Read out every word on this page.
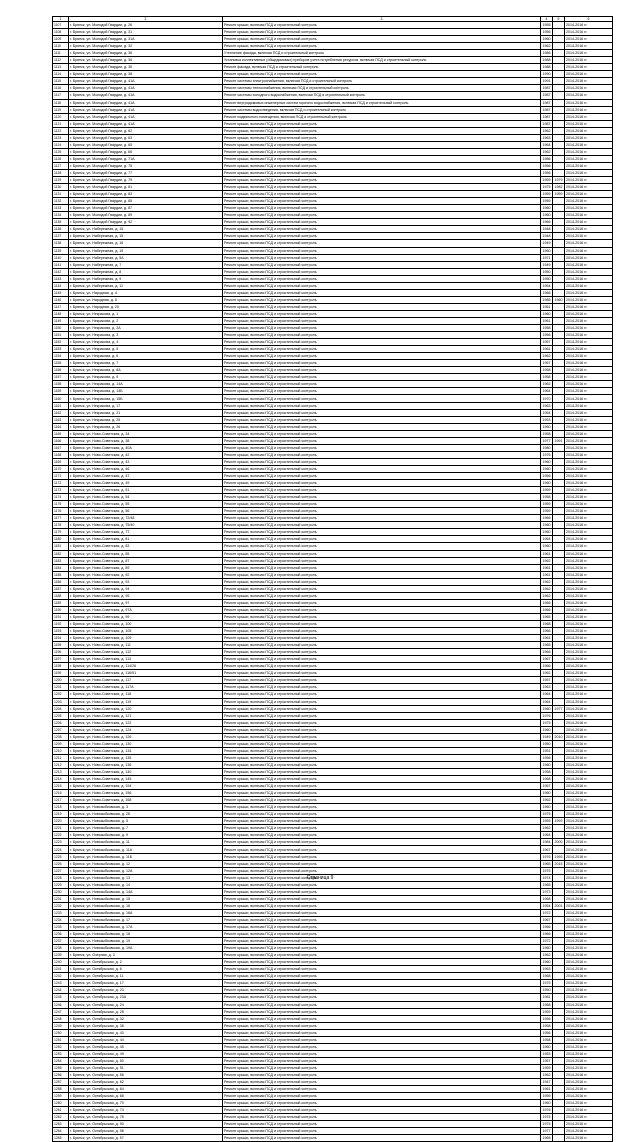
1	2	3	4	5	6
1107	г. Брянск, ул. Молодой Гвардии, д. 26	Ремонт крыши, включая ПСД и строительный контроль	1955		2014-2016 гг.
1108	г. Брянск, ул. Молодой Гвардии, д. 31	Ремонт крыши, включая ПСД и строительный контроль	1956		2014-2016 гг.
1109	г. Брянск, ул. Молодой Гвардии, д. 31А	Ремонт крыши, включая ПСД и строительный контроль	1960		2014-2016 гг.
1110	г. Брянск, ул. Молодой Гвардии, д. 32	Ремонт крыши, включая ПСД и строительный контроль	1962		2014-2016 гг.
1111	г. Брянск, ул. Молодой Гвардии, д. 36	Утепление фасада, включая ПСД и строительный контроль	1986		2014-2016 гг.
1112	г. Брянск, ул. Молодой Гвардии, д. 36	Установка коллективных (общедомовых) приборов учета потребления ресурсов, включая ПСД и строительный контроль	1988		2014-2016 гг.
1113	г. Брянск, ул. Молодой Гвардии, д. 36	Ремонт фасада, включая ПСД и строительный контроль	1988		2014-2016 гг.
1114	г. Брянск, ул. Молодой Гвардии, д. 38	Ремонт крыши, включая ПСД и строительный контроль	1990		2014-2016 гг.
1115	г. Брянск, ул. Молодой Гвардии, д. 41А	Ремонт системы электроснабжения, включая ПСД и строительный контроль	1991		2014-2016 гг.
1116	г. Брянск, ул. Молодой Гвардии, д. 41А	Ремонт системы теплоснабжения, включая ПСД и строительный контроль	1987		2014-2016 гг.
1117	г. Брянск, ул. Молодой Гвардии, д. 41А	Ремонт системы холодного водоснабжения, включая ПСД и строительный контроль	1987		2014-2016 гг.
1118	г. Брянск, ул. Молодой Гвардии, д. 41А	Ремонт внутридомовых инженерных систем горячего водоснабжения, включая ПСД и строительный контроль	1987		2014-2016 гг.
1119	г. Брянск, ул. Молодой Гвардии, д. 41А	Ремонт системы водоотведения, включая ПСД и строительный контроль	1987		2014-2016 гг.
1120	г. Брянск, ул. Молодой Гвардии, д. 41А	Ремонт подвального помещения, включая ПСД и строительный контроль	1987		2014-2016 гг.
1121	г. Брянск, ул. Молодой Гвардии, д. 41А	Ремонт крыши, включая ПСД и строительный контроль	1987		2014-2016 гг.
1122	г. Брянск, ул. Молодой Гвардии, д. 62	Ремонт крыши, включая ПСД и строительный контроль	1962		2014-2016 гг.
1123	г. Брянск, ул. Молодой Гвардии, д. 63	Ремонт крыши, включая ПСД и строительный контроль	1963		2014-2016 гг.
1124	г. Брянск, ул. Молодой Гвардии, д. 65	Ремонт крыши, включая ПСД и строительный контроль	1964		2014-2016 гг.
1125	г. Брянск, ул. Молодой Гвардии, д. 66	Ремонт крыши, включая ПСД и строительный контроль	1962		2014-2016 гг.
1126	г. Брянск, ул. Молодой Гвардии, д. 71А	Ремонт крыши, включая ПСД и строительный контроль	1986		2014-2016 гг.
1127	г. Брянск, ул. Молодой Гвардии, д. 75	Ремонт крыши, включая ПСД и строительный контроль	1956		2014-2016 гг.
1128	г. Брянск, ул. Молодой Гвардии, д. 77	Ремонт крыши, включая ПСД и строительный контроль	1956		2014-2016 гг.
1129	г. Брянск, ул. Молодой Гвардии, д. 79	Ремонт крыши, включая ПСД и строительный контроль	1959	1979	2014-2016 гг.
1130	г. Брянск, ул. Молодой Гвардии, д. 81	Ремонт крыши, включая ПСД и строительный контроль	1975	1982	2014-2016 гг.
1131	г. Брянск, ул. Молодой Гвардии, д. 83	Ремонт крыши, включая ПСД и строительный контроль	1959	1959	2014-2016 гг.
1132	г. Брянск, ул. Молодой Гвардии, д. 85	Ремонт крыши, включая ПСД и строительный контроль	1959		2014-2016 гг.
1133	г. Брянск, ул. Молодой Гвардии, д. 87	Ремонт крыши, включая ПСД и строительный контроль	1960		2014-2016 гг.
1134	г. Брянск, ул. Молодой Гвардии, д. 89	Ремонт крыши, включая ПСД и строительный контроль	1960		2014-2016 гг.
1135	г. Брянск, ул. Молодой Гвардии, д. 92	Ремонт крыши, включая ПСД и строительный контроль	1966		2014-2016 гг.
1136	г. Брянск, ул. Набережная, д. 15	Ремонт крыши, включая ПСД и строительный контроль	1948		2014-2016 гг.
1137	г. Брянск, ул. Набережная, д. 15	Ремонт крыши, включая ПСД и строительный контроль	1948		2014-2016 гг.
1138	г. Брянск, ул. Набережная, д. 16	Ремонт крыши, включая ПСД и строительный контроль	1949		2014-2016 гг.
1139	г. Брянск, ул. Набережная, д. 19	Ремонт крыши, включая ПСД и строительный контроль	1950		2014-2016 гг.
1140	г. Брянск, ул. Набережная, д. 5А	Ремонт крыши, включая ПСД и строительный контроль	1971		2014-2016 гг.
1141	г. Брянск, ул. Набережная, д. 7	Ремонт крыши, включая ПСД и строительный контроль	1949		2014-2016 гг.
1142	г. Брянск, ул. Набережная, д. 8	Ремонт крыши, включая ПСД и строительный контроль	1950		2014-2016 гг.
1143	г. Брянск, ул. Набережная, д. 9	Ремонт крыши, включая ПСД и строительный контроль	1950		2014-2016 гг.
1144	г. Брянск, ул. Набережная, д. 11	Ремонт крыши, включая ПСД и строительный контроль	1954		2014-2016 гг.
1145	г. Брянск, ул. Народная, д. 4	Ремонт крыши, включая ПСД и строительный контроль	1966		2014-2016 гг.
1146	г. Брянск, ул. Народная, д. 6	Ремонт крыши, включая ПСД и строительный контроль	1985	1960	2014-2016 гг.
1147	г. Брянск, ул. Народная, д. 20	Ремонт крыши, включая ПСД и строительный контроль	1951		2014-2016 гг.
1148	г. Брянск, ул. Некрасова, д. 1	Ремонт крыши, включая ПСД и строительный контроль	1960		2014-2016 гг.
1149	г. Брянск, ул. Некрасова, д. 2	Ремонт крыши, включая ПСД и строительный контроль	1961		2014-2016 гг.
1150	г. Брянск, ул. Некрасова, д. 2А	Ремонт крыши, включая ПСД и строительный контроль	1958		2014-2016 гг.
1151	г. Брянск, ул. Некрасова, д. 3	Ремонт крыши, включая ПСД и строительный контроль	1956		2014-2016 гг.
1152	г. Брянск, ул. Некрасова, д. 4	Ремонт крыши, включая ПСД и строительный контроль	1957		2014-2016 гг.
1153	г. Брянск, ул. Некрасова, д. 5	Ремонт крыши, включая ПСД и строительный контроль	1961		2014-2016 гг.
1154	г. Брянск, ул. Некрасова, д. 6	Ремонт крыши, включая ПСД и строительный контроль	1962		2014-2016 гг.
1155	г. Брянск, ул. Некрасова, д. 7	Ремонт крыши, включая ПСД и строительный контроль	1957		2014-2016 гг.
1156	г. Брянск, ул. Некрасова, д. 8А	Ремонт крыши, включая ПСД и строительный контроль	1958		2014-2016 гг.
1157	г. Брянск, ул. Некрасова, д. 9	Ремонт крыши, включая ПСД и строительный контроль	1958		2014-2016 гг.
1158	г. Брянск, ул. Некрасова, д. 14А	Ремонт крыши, включая ПСД и строительный контроль	1962		2014-2016 гг.
1159	г. Брянск, ул. Некрасова, д. 14Б	Ремонт крыши, включая ПСД и строительный контроль	1964		2014-2016 гг.
1160	г. Брянск, ул. Некрасова, д. 15Б	Ремонт крыши, включая ПСД и строительный контроль	1970		2014-2016 гг.
1161	г. Брянск, ул. Некрасова, д. 17	Ремонт крыши, включая ПСД и строительный контроль	1963		2014-2016 гг.
1162	г. Брянск, ул. Некрасова, д. 21	Ремонт крыши, включая ПСД и строительный контроль	1954		2014-2016 гг.
1163	г. Брянск, ул. Некрасова, д. 25	Ремонт крыши, включая ПСД и строительный контроль	1953		2014-2016 гг.
1164	г. Брянск, ул. Некрасова, д. 26	Ремонт крыши, включая ПСД и строительный контроль	1950		2014-2016 гг.
1165	г. Брянск, ул. Ново-Советская, д. 34	Ремонт крыши, включая ПСД и строительный контроль	1958		2014-2016 гг.
1166	г. Брянск, ул. Ново-Советская, д. 38	Ремонт крыши, включая ПСД и строительный контроль	1977	1991	2014-2016 гг.
1167	г. Брянск, ул. Ново-Советская, д. 40А	Ремонт крыши, включая ПСД и строительный контроль	1980		2014-2016 гг.
1168	г. Брянск, ул. Ново-Советская, д. 42	Ремонт крыши, включая ПСД и строительный контроль	1976		2014-2016 гг.
1169	г. Брянск, ул. Ново-Советская, д. 43	Ремонт крыши, включая ПСД и строительный контроль	1960		2014-2016 гг.
1170	г. Брянск, ул. Ново-Советская, д. 46	Ремонт крыши, включая ПСД и строительный контроль	1960		2014-2016 гг.
1171	г. Брянск, ул. Ново-Советская, д. 47	Ремонт крыши, включая ПСД и строительный контроль	1956		2014-2016 гг.
1172	г. Брянск, ул. Ново-Советская, д. 49	Ремонт крыши, включая ПСД и строительный контроль	1960		2014-2016 гг.
1173	г. Брянск, ул. Ново-Советская, д. 51	Ремонт крыши, включая ПСД и строительный контроль	1959		2014-2016 гг.
1174	г. Брянск, ул. Ново-Советская, д. 54	Ремонт крыши, включая ПСД и строительный контроль	1958		2014-2016 гг.
1175	г. Брянск, ул. Ново-Советская, д. 55	Ремонт крыши, включая ПСД и строительный контроль	1959		2014-2016 гг.
1176	г. Брянск, ул. Ново-Советская, д. 56	Ремонт крыши, включая ПСД и строительный контроль	1959		2014-2016 гг.
1177	г. Брянск, ул. Ново-Советская, д. 72/48	Ремонт крыши, включая ПСД и строительный контроль	1966		2014-2016 гг.
1178	г. Брянск, ул. Ново-Советская, д. 75/40	Ремонт крыши, включая ПСД и строительный контроль	1960		2014-2016 гг.
1179	г. Брянск, ул. Ново-Советская, д. 77	Ремонт крыши, включая ПСД и строительный контроль	1960		2014-2016 гг.
1180	г. Брянск, ул. Ново-Советская, д. 81	Ремонт крыши, включая ПСД и строительный контроль	1964		2014-2016 гг.
1181	г. Брянск, ул. Ново-Советская, д. 83	Ремонт крыши, включая ПСД и строительный контроль	1960		2014-2016 гг.
1182	г. Брянск, ул. Ново-Советская, д. 85	Ремонт крыши, включая ПСД и строительный контроль	1961		2014-2016 гг.
1183	г. Брянск, ул. Ново-Советская, д. 87	Ремонт крыши, включая ПСД и строительный контроль	1962		2014-2016 гг.
1184	г. Брянск, ул. Ново-Советская, д. 89	Ремонт крыши, включая ПСД и строительный контроль	1961		2014-2016 гг.
1185	г. Брянск, ул. Ново-Советская, д. 92	Ремонт крыши, включая ПСД и строительный контроль	1961		2014-2016 гг.
1186	г. Брянск, ул. Ново-Советская, д. 93	Ремонт крыши, включая ПСД и строительный контроль	1962		2014-2016 гг.
1187	г. Брянск, ул. Ново-Советская, д. 94	Ремонт крыши, включая ПСД и строительный контроль	1962		2014-2016 гг.
1188	г. Брянск, ул. Ново-Советская, д. 95	Ремонт крыши, включая ПСД и строительный контроль	1962		2014-2016 гг.
1189	г. Брянск, ул. Ново-Советская, д. 97	Ремонт крыши, включая ПСД и строительный контроль	1966		2014-2016 гг.
1190	г. Брянск, ул. Ново-Советская, д. 97А	Ремонт крыши, включая ПСД и строительный контроль	1966		2014-2016 гг.
1191	г. Брянск, ул. Ново-Советская, д. 99	Ремонт крыши, включая ПСД и строительный контроль	1965		2014-2016 гг.
1192	г. Брянск, ул. Ново-Советская, д. 100	Ремонт крыши, включая ПСД и строительный контроль	1968		2014-2016 гг.
1193	г. Брянск, ул. Ново-Советская, д. 105	Ремонт крыши, включая ПСД и строительный контроль	1966		2014-2016 гг.
1194	г. Брянск, ул. Ново-Советская, д. 109	Ремонт крыши, включая ПСД и строительный контроль	1961		2014-2016 гг.
1195	г. Брянск, ул. Ново-Советская, д. 111	Ремонт крыши, включая ПСД и строительный контроль	1965		2014-2016 гг.
1196	г. Брянск, ул. Ново-Советская, д. 112	Ремонт крыши, включая ПСД и строительный контроль	1966		2014-2016 гг.
1197	г. Брянск, ул. Ново-Советская, д. 113	Ремонт крыши, включая ПСД и строительный контроль	1967		2014-2016 гг.
1198	г. Брянск, ул. Ново-Советская, д. 114/26	Ремонт крыши, включая ПСД и строительный контроль	1966		2014-2016 гг.
1199	г. Брянск, ул. Ново-Советская, д. 116/51	Ремонт крыши, включая ПСД и строительный контроль	1962		2014-2016 гг.
1200	г. Брянск, ул. Ново-Советская, д. 117	Ремонт крыши, включая ПСД и строительный контроль	1957		2014-2016 гг.
1201	г. Брянск, ул. Ново-Советская, д. 117А	Ремонт крыши, включая ПСД и строительный контроль	1963		2014-2016 гг.
1202	г. Брянск, ул. Ново-Советская, д. 118	Ремонт крыши, включая ПСД и строительный контроль	1964		2014-2016 гг.
1203	г. Брянск, ул. Ново-Советская, д. 119	Ремонт крыши, включая ПСД и строительный контроль	1964		2014-2016 гг.
1204	г. Брянск, ул. Ново-Советская, д. 120	Ремонт крыши, включая ПСД и строительный контроль	1960	1977	2014-2016 гг.
1205	г. Брянск, ул. Ново-Советская, д. 121	Ремонт крыши, включая ПСД и строительный контроль	1976		2014-2016 гг.
1206	г. Брянск, ул. Ново-Советская, д. 122	Ремонт крыши, включая ПСД и строительный контроль	1975		2014-2016 гг.
1207	г. Брянск, ул. Ново-Советская, д. 124	Ремонт крыши, включая ПСД и строительный контроль	1960		2014-2016 гг.
1208	г. Брянск, ул. Ново-Советская, д. 126	Ремонт крыши, включая ПСД и строительный контроль	1949	2010	2014-2016 гг.
1209	г. Брянск, ул. Ново-Советская, д. 130	Ремонт крыши, включая ПСД и строительный контроль	1950		2014-2016 гг.
1210	г. Брянск, ул. Ново-Советская, д. 134	Ремонт крыши, включая ПСД и строительный контроль	1951		2014-2016 гг.
1211	г. Брянск, ул. Ново-Советская, д. 135	Ремонт крыши, включая ПСД и строительный контроль	1956		2014-2016 гг.
1212	г. Брянск, ул. Ново-Советская, д. 136	Ремонт крыши, включая ПСД и строительный контроль	1960		2014-2016 гг.
1213	г. Брянск, ул. Ново-Советская, д. 140	Ремонт крыши, включая ПСД и строительный контроль	1958		2014-2016 гг.
1214	г. Брянск, ул. Ново-Советская, д. 145	Ремонт крыши, включая ПСД и строительный контроль	1968		2014-2016 гг.
1215	г. Брянск, ул. Ново-Советская, д. 154	Ремонт крыши, включая ПСД и строительный контроль	1957		2014-2016 гг.
1216	г. Брянск, ул. Ново-Советская, д. 156	Ремонт крыши, включая ПСД и строительный контроль	1960		2014-2016 гг.
1217	г. Брянск, ул. Ново-Советская, д. 168	Ремонт крыши, включая ПСД и строительный контроль	1962		2014-2016 гг.
1218	г. Брянск, ул. Новозыбковская, д. 3	Ремонт крыши, включая ПСД и строительный контроль	1960		2014-2016 гг.
1219	г. Брянск, ул. Новозыбковская, д. 2Б	Ремонт крыши, включая ПСД и строительный контроль	1975		2014-2016 гг.
1220	г. Брянск, ул. Новозыбковская, д. 5	Ремонт крыши, включая ПСД и строительный контроль	1959	1993	2014-2016 гг.
1221	г. Брянск, ул. Новозыбковская, д. 7	Ремонт крыши, включая ПСД и строительный контроль	1962		2014-2016 гг.
1222	г. Брянск, ул. Новозыбковская, д. 9	Ремонт крыши, включая ПСД и строительный контроль	1964		2014-2016 гг.
1223	г. Брянск, ул. Новозыбковская, д. 11	Ремонт крыши, включая ПСД и строительный контроль	1984	2000	2014-2016 гг.
1224	г. Брянск, ул. Новозыбковская, д. 11А	Ремонт крыши, включая ПСД и строительный контроль	1967		2014-2016 гг.
1225	г. Брянск, ул. Новозыбковская, д. 11Б	Ремонт крыши, включая ПСД и строительный контроль	1976	1993	2014-2016 гг.
1226	г. Брянск, ул. Новозыбковская, д. 12	Ремонт крыши, включая ПСД и строительный контроль	1965	2015	2014-2016 гг.
1227	г. Брянск, ул. Новозыбковская, д. 12А	Ремонт крыши, включая ПСД и строительный контроль	1975		2014-2016 гг.
1228	г. Брянск, ул. Новозыбковская, д. 13	Ремонт крыши, включая ПСД и строительный контроль	1974		2014-2016 гг.
1229	г. Брянск, ул. Новозыбковская, д. 14	Ремонт крыши, включая ПСД и строительный контроль	1965		2014-2016 гг.
1230	г. Брянск, ул. Новозыбковская, д. 14А	Ремонт крыши, включая ПСД и строительный контроль	1973		2014-2016 гг.
1231	г. Брянск, ул. Новозыбковская, д. 15	Ремонт крыши, включая ПСД и строительный контроль	1968		2014-2016 гг.
1232	г. Брянск, ул. Новозыбковская, д. 16	Ремонт крыши, включая ПСД и строительный контроль	1954	2001	2014-2016 гг.
1233	г. Брянск, ул. Новозыбковская, д. 16А	Ремонт крыши, включая ПСД и строительный контроль	1972		2014-2016 гг.
1234	г. Брянск, ул. Новозыбковская, д. 17	Ремонт крыши, включая ПСД и строительный контроль	1967		2014-2016 гг.
1235	г. Брянск, ул. Новозыбковская, д. 17А	Ремонт крыши, включая ПСД и строительный контроль	1966		2014-2016 гг.
1236	г. Брянск, ул. Новозыбковская, д. 18	Ремонт крыши, включая ПСД и строительный контроль	1966		2014-2016 гг.
1237	г. Брянск, ул. Новозыбковская, д. 19	Ремонт крыши, включая ПСД и строительный контроль	1972		2014-2016 гг.
1238	г. Брянск, ул. Новозыбковская, д. 19А	Ремонт крыши, включая ПСД и строительный контроль	1960		2014-2016 гг.
1239	г. Брянск, ул. Озерная, д. 3	Ремонт крыши, включая ПСД и строительный контроль	1962		2014-2016 гг.
1240	г. Брянск, ул. Октябрьская, д. 2	Ремонт крыши, включая ПСД и строительный контроль	1960		2014-2016 гг.
1241	г. Брянск, ул. Октябрьская, д. 6	Ремонт крыши, включая ПСД и строительный контроль	1963		2014-2016 гг.
1242	г. Брянск, ул. Октябрьская, д. 11	Ремонт крыши, включая ПСД и строительный контроль	1968		2014-2016 гг.
1243	г. Брянск, ул. Октябрьская, д. 17	Ремонт крыши, включая ПСД и строительный контроль	1975		2014-2016 гг.
1244	г. Брянск, ул. Октябрьская, д. 23	Ремонт крыши, включая ПСД и строительный контроль	1950		2014-2016 гг.
1245	г. Брянск, ул. Октябрьская, д. 23А	Ремонт крыши, включая ПСД и строительный контроль	1981		2014-2016 гг.
1246	г. Брянск, ул. Октябрьская, д. 24	Ремонт крыши, включая ПСД и строительный контроль	1958		2014-2016 гг.
1247	г. Брянск, ул. Октябрьская, д. 28	Ремонт крыши, включая ПСД и строительный контроль	1959		2014-2016 гг.
1248	г. Брянск, ул. Октябрьская, д. 32	Ремонт крыши, включая ПСД и строительный контроль	1956		2014-2016 гг.
1249	г. Брянск, ул. Октябрьская, д. 36	Ремонт крыши, включая ПСД и строительный контроль	1958		2014-2016 гг.
1250	г. Брянск, ул. Октябрьская, д. 43	Ремонт крыши, включая ПСД и строительный контроль	1956		2014-2016 гг.
1251	г. Брянск, ул. Октябрьская, д. 44	Ремонт крыши, включая ПСД и строительный контроль	1958		2014-2016 гг.
1252	г. Брянск, ул. Октябрьская, д. 45	Ремонт крыши, включая ПСД и строительный контроль	1960		2014-2016 гг.
1253	г. Брянск, ул. Октябрьская, д. 49	Ремонт крыши, включая ПСД и строительный контроль	1953		2014-2016 гг.
1254	г. Брянск, ул. Октябрьская, д. 50	Ремонт крыши, включая ПСД и строительный контроль	1957		2014-2016 гг.
1255	г. Брянск, ул. Октябрьская, д. 51	Ремонт крыши, включая ПСД и строительный контроль	1959		2014-2016 гг.
1256	г. Брянск, ул. Октябрьская, д. 56	Ремонт крыши, включая ПСД и строительный контроль	1962		2014-2016 гг.
1257	г. Брянск, ул. Октябрьская, д. 62	Ремонт крыши, включая ПСД и строительный контроль	1947		2014-2016 гг.
1258	г. Брянск, ул. Октябрьская, д. 64	Ремонт крыши, включая ПСД и строительный контроль	1961		2014-2016 гг.
1259	г. Брянск, ул. Октябрьская, д. 68	Ремонт крыши, включая ПСД и строительный контроль	1959		2014-2016 гг.
1260	г. Брянск, ул. Октябрьская, д. 70	Ремонт крыши, включая ПСД и строительный контроль	1960		2014-2016 гг.
1261	г. Брянск, ул. Октябрьская, д. 74	Ремонт крыши, включая ПСД и строительный контроль	1976		2014-2016 гг.
1262	г. Брянск, ул. Октябрьская, д. 76	Ремонт крыши, включая ПСД и строительный контроль	1975		2014-2016 гг.
1263	г. Брянск, ул. Октябрьская, д. 90	Ремонт крыши, включая ПСД и строительный контроль	1975		2014-2016 гг.
1264	г. Брянск, ул. Октябрьская, д. 96	Ремонт крыши, включая ПСД и строительный контроль	1977		2014-2016 гг.
1265	г. Брянск, ул. Октябрьская, д. 97	Ремонт крыши, включая ПСД и строительный контроль	1965		2014-2016 гг.
Страница 9
